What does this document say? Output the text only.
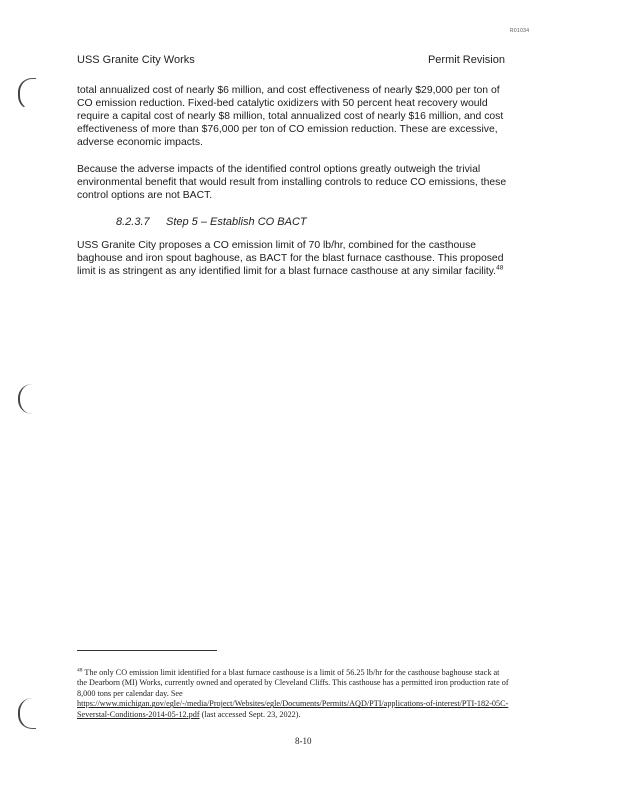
R01034
USS Granite City Works	Permit Revision

total annualized cost of nearly $6 million, and cost effectiveness of nearly $29,000 per ton of CO emission reduction. Fixed-bed catalytic oxidizers with 50 percent heat recovery would require a capital cost of nearly $8 million, total annualized cost of nearly $16 million, and cost effectiveness of more than $76,000 per ton of CO emission reduction. These are excessive, adverse economic impacts.

Because the adverse impacts of the identified control options greatly outweigh the trivial environmental benefit that would result from installing controls to reduce CO emissions, these control options are not BACT.

8.2.3.7 Step 5 – Establish CO BACT

USS Granite City proposes a CO emission limit of 70 lb/hr, combined for the casthouse baghouse and iron spout baghouse, as BACT for the blast furnace casthouse. This proposed limit is as stringent as any identified limit for a blast furnace casthouse at any similar facility.$^{48}$

$^{48}$ The only CO emission limit identified for a blast furnace casthouse is a limit of 56.25 lb/hr for the casthouse baghouse stack at the Dearborn (MI) Works, currently owned and operated by Cleveland Cliffs. This casthouse has a permitted iron production rate of 8,000 tons per calendar day. See https://www.michigan.gov/egle/-/media/Project/Websites/egle/Documents/Permits/AQD/PTI/applications-of-interest/PTI-182-05C-Severstal-Conditions-2014-05-12.pdf (last accessed Sept. 23, 2022).

8-10
